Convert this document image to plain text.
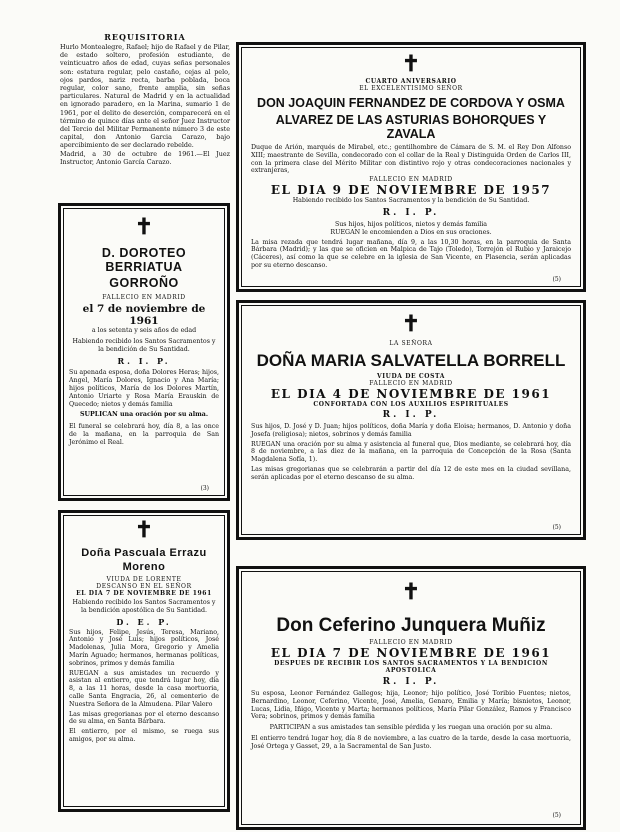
REQUISITORIA

Hurlo Montealegre, Rafael; hijo de Rafael y de Pilar, de estado soltero, profesión estudiante, de veinticuatro años de edad, cuyas señas personales son: estatura regular, pelo castaño, cejas al pelo, ojos pardos, nariz recta, barba poblada, boca regular, color sano, frente amplia, sin señas particulares. Natural de Madrid y en la actualidad en ignorado paradero, en la Marina, sumario 1 de 1961, por el delito de deserción, comparecerá en el término de quince días ante el señor Juez Instructor del Tercio del Militar Permanente número 3 de este capital, don Antonio Garcia Carazo, bajo apercibimiento de ser declarado rebelde.

Madrid, a 30 de octubre de 1961.—El Juez Instructor, Antonio García Carazo.

✝

D. DOROTEO BERRIATUA

GORROÑO

FALLECIO EN MADRID

el 7 de noviembre de 1961

a los setenta y seis años de edad

Habiendo recibido los Santos Sacramentos y la bendición de Su Santidad.

R. I. P.

Su apenada esposa, doña Dolores Heras; hijos, Angel, María Dolores, Ignacio y Ana María; hijos políticos, María de los Dolores Martín, Antonio Uriarte y Rosa María Erauskin de Quecedo; nietos y demás familia

SUPLICAN una oración por su alma.

El funeral se celebrará hoy, día 8, a las once de la mañana, en la parroquia de San Jerónimo el Real.

(3)
✝

Doña Pascuala Errazu

Moreno

VIUDA DE LORENTE

DESCANSO EN EL SEÑOR

EL DIA 7 DE NOVIEMBRE DE 1961

Habiendo recibido los Santos Sacramentos y la bendición apostólica de Su Santidad.

D. E. P.

Sus hijos, Felipe, Jesús, Teresa, Mariano, Antonio y José Luis; hijos políticos, José Madolenas, Julia Mora, Gregorio y Amelia Marín Aguado; hermanos, hermanas políticas, sobrinos, primos y demás familia

RUEGAN a sus amistades un recuerdo y asistan al entierro, que tendrá lugar hoy, día 8, a las 11 horas, desde la casa mortuoria, calle Santa Engracia, 26, al cementerio de Nuestra Señora de la Almudena. Pilar Valero

Las misas gregorianas por el eterno descanso de su alma, en Santa Bárbara.

El entierro, por el mismo, se ruega sus amigos, por su alma.

✝

CUARTO ANIVERSARIO

EL EXCELENTISIMO SEÑOR

DON JOAQUIN FERNANDEZ DE CORDOVA Y OSMA

ALVAREZ DE LAS ASTURIAS BOHORQUES Y ZAVALA

Duque de Arión, marqués de Mirabel, etc.; gentilhombre de Cámara de S. M. el Rey Don Alfonso XIII; maestrante de Sevilla, condecorado con el collar de la Real y Distinguida Orden de Carlos III, con la primera clase del Mérito Militar con distintivo rojo y otras condecoraciones nacionales y extranjeras,

FALLECIO EN MADRID

EL DIA 9 DE NOVIEMBRE DE 1957

Habiendo recibido los Santos Sacramentos y la bendición de Su Santidad.

R. I. P.

Sus hijos, hijos políticos, nietos y demás familia

RUEGAN le encomienden a Dios en sus oraciones.

La misa rezada que tendrá lugar mañana, día 9, a las 10,30 horas, en la parroquia de Santa Bárbara (Madrid); y las que se oficien en Malpica de Tajo (Toledo), Torrejón el Rubio y Jaraicejo (Cáceres), así como la que se celebre en la iglesia de San Vicente, en Plasencia, serán aplicadas por su eterno descanso.

(5)
✝

LA SEÑORA

DOÑA MARIA SALVATELLA BORRELL

VIUDA DE COSTA

FALLECIO EN MADRID

EL DIA 4 DE NOVIEMBRE DE 1961

CONFORTADA CON LOS AUXILIOS ESPIRITUALES

R. I. P.

Sus hijos, D. José y D. Juan; hijos políticos, doña María y doña Eloisa; hermanos, D. Antonio y doña Josefa (religiosa); nietos, sobrinos y demás familia

RUEGAN una oración por su alma y asistencia al funeral que, Dios mediante, se celebrará hoy, día 8 de noviembre, a las diez de la mañana, en la parroquia de Concepción de la Rosa (Santa Magdalena Sofía, 1).

Las misas gregorianas que se celebrarán a partir del día 12 de este mes en la ciudad sevillana, serán aplicadas por el eterno descanso de su alma.

(5)
✝

Don Ceferino Junquera Muñiz

FALLECIO EN MADRID

EL DIA 7 DE NOVIEMBRE DE 1961

DESPUES DE RECIBIR LOS SANTOS SACRAMENTOS Y LA BENDICION APOSTOLICA

R. I. P.

Su esposa, Leonor Fernández Gallegos; hija, Leonor; hijo político, José Toribio Fuentes; nietos, Bernardino, Leonor, Ceferino, Vicente, José, Amelia, Genaro, Emilia y María; bisnietos, Leonor, Lucas, Lidia, Iñigo, Vicente y Marta; hermanos políticos, María Pilar González, Ramos y Francisco Vera; sobrinos, primos y demás familia

PARTICIPAN a sus amistades tan sensible pérdida y les ruegan una oración por su alma.

El entierro tendrá lugar hoy, día 8 de noviembre, a las cuatro de la tarde, desde la casa mortuoria, José Ortega y Gasset, 29, a la Sacramental de San Justo.

(5)
